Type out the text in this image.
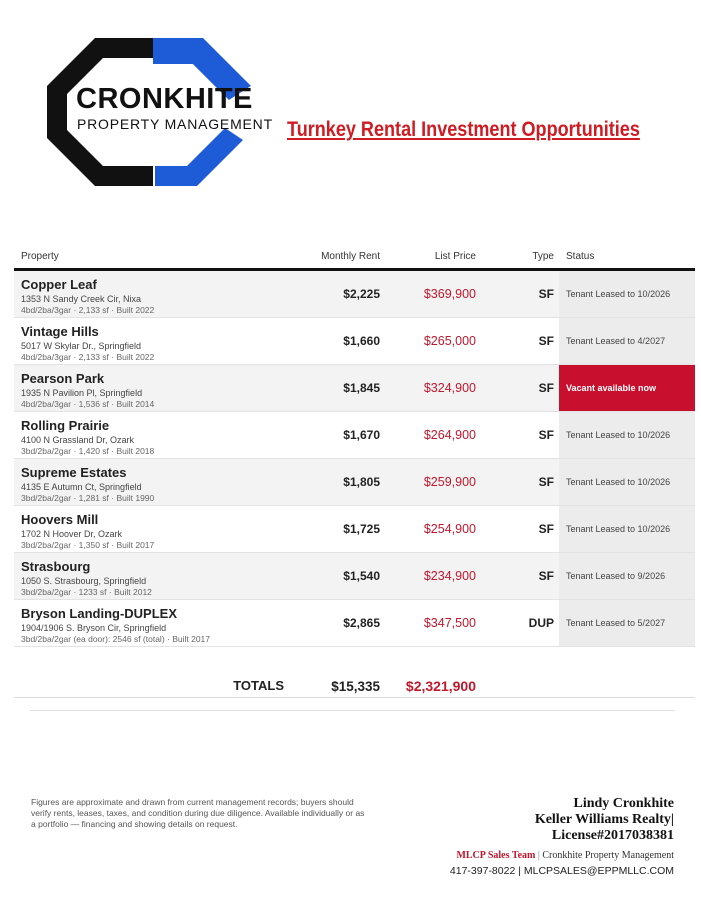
CRONKHITE
PROPERTY MANAGEMENT Turnkey Rental Investment Opportunities
Property	Monthly Rent	List Price	Type Status
Copper Leaf
1353 N Sandy Creek Cir, Nixa
4bd/2ba/3gar · 2,133 sf · Built 2022
$2,225	$369,900	SF	Tenant Leased to 10/2026
Vintage Hills
5017 W Skylar Dr., Springfield
4bd/2ba/3gar · 2,133 sf · Built 2022
$1,660	$265,000	SF	Tenant Leased to 4/2027
Pearson Park
1935 N Pavilion Pl, Springfield
4bd/2ba/3gar · 1,536 sf · Built 2014
$1,845	$324,900	SF	Vacant available now
Rolling Prairie
4100 N Grassland Dr, Ozark
3bd/2ba/2gar · 1,420 sf · Built 2018
$1,670	$264,900	SF	Tenant Leased to 10/2026
Supreme Estates
4135 E Autumn Ct, Springfield
3bd/2ba/2gar · 1,281 sf · Built 1990
$1,805	$259,900	SF	Tenant Leased to 10/2026
Hoovers Mill
1702 N Hoover Dr, Ozark
3bd/2ba/2gar · 1,350 sf · Built 2017
$1,725	$254,900	SF	Tenant Leased to 10/2026
Strasbourg
1050 S. Strasbourg, Springfield
3bd/2ba/2gar · 1233 sf · Built 2012
$1,540	$234,900	SF	Tenant Leased to 9/2026
Bryson Landing-DUPLEX
1904/1906 S. Bryson Cir, Springfield
3bd/2ba/2gar (ea door): 2546 sf (total) · Built 2017
$2,865	$347,500	DUP	Tenant Leased to 5/2027
TOTALS	$15,335 $2,321,900
Figures are approximate and drawn from current management records; buyers should verify rents, leases, taxes, and condition during due diligence. Available individually or as a portfolio — financing and showing details on request.
Lindy Cronkhite
Keller Williams Realty|
License#2017038381
MLCP Sales Team | Cronkhite Property Management
417-397-8022 | MLCPSALES@EPPMLLC.COM
